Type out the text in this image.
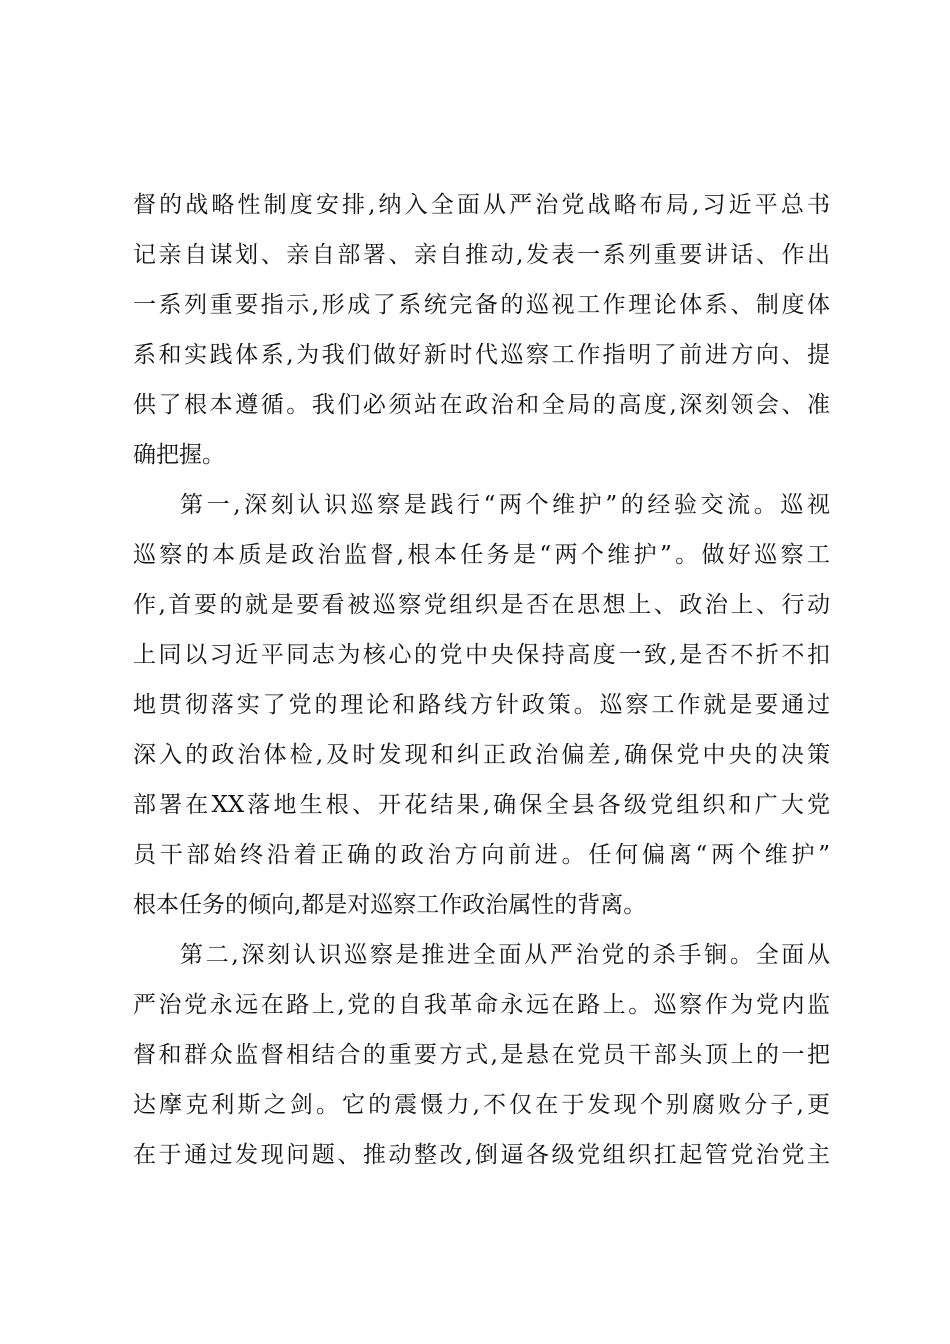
督的战略性制度安排,纳入全面从严治党战略布局,习近平总书
记亲自谋划、亲自部署、亲自推动,发表一系列重要讲话、作出
一系列重要指示,形成了系统完备的巡视工作理论体系、制度体
系和实践体系,为我们做好新时代巡察工作指明了前进方向、提
供了根本遵循。我们必须站在政治和全局的高度,深刻领会、准
确把握。
第一,深刻认识巡察是践行“两个维护”的经验交流。巡视
巡察的本质是政治监督,根本任务是“两个维护”。做好巡察工
作,首要的就是要看被巡察党组织是否在思想上、政治上、行动
上同以习近平同志为核心的党中央保持高度一致,是否不折不扣
地贯彻落实了党的理论和路线方针政策。巡察工作就是要通过
深入的政治体检,及时发现和纠正政治偏差,确保党中央的决策
部署在XX落地生根、开花结果,确保全县各级党组织和广大党
员干部始终沿着正确的政治方向前进。任何偏离“两个维护”
根本任务的倾向,都是对巡察工作政治属性的背离。
第二,深刻认识巡察是推进全面从严治党的杀手锏。全面从
严治党永远在路上,党的自我革命永远在路上。巡察作为党内监
督和群众监督相结合的重要方式,是悬在党员干部头顶上的一把
达摩克利斯之剑。它的震慑力,不仅在于发现个别腐败分子,更
在于通过发现问题、推动整改,倒逼各级党组织扛起管党治党主
